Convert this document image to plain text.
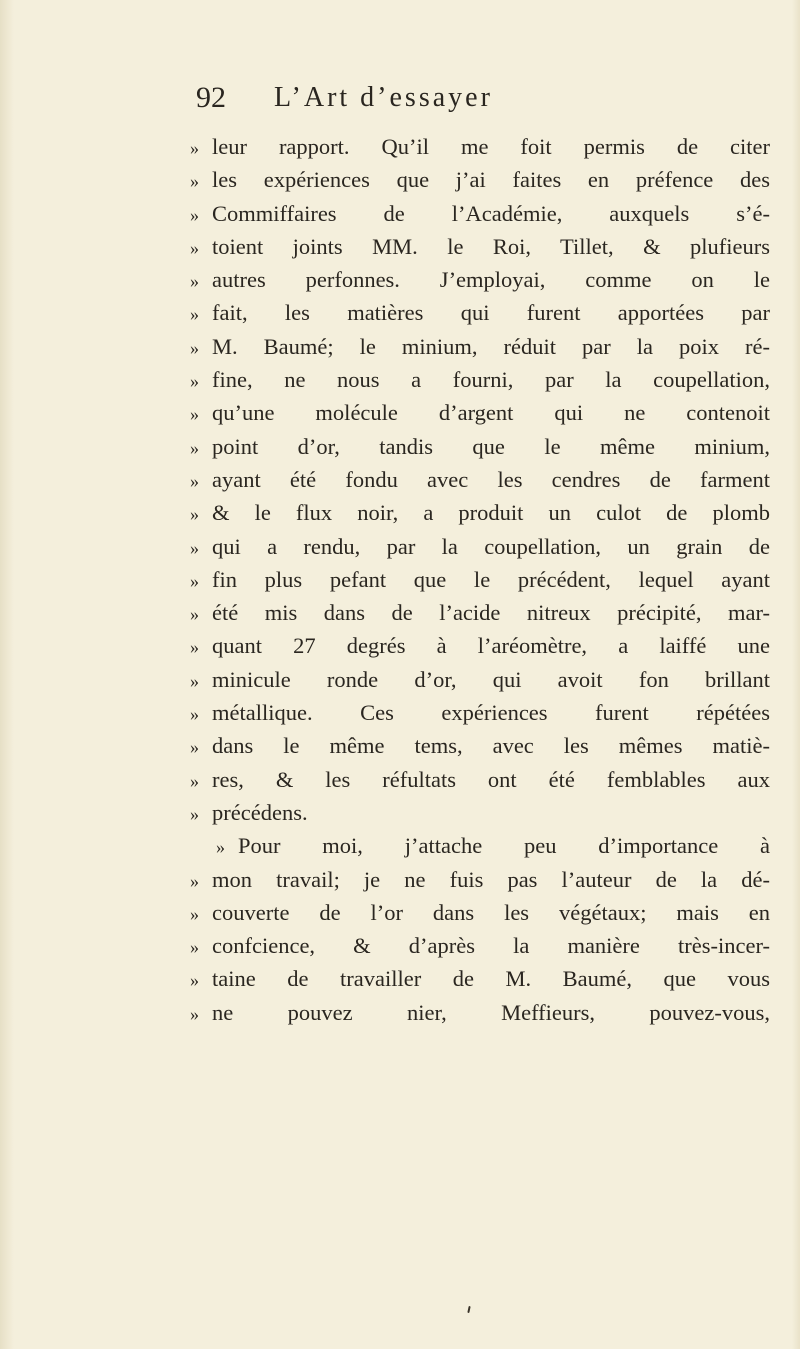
92 L’Art d’essayer
» leur rapport. Qu’il me foit permis de citer
» les expériences que j’ai faites en préfence des
» Commiffaires de l’Académie, auxquels s’é-
» toient joints MM. le Roi, Tillet, & plufieurs
» autres perfonnes. J’employai, comme on le
» fait, les matières qui furent apportées par
» M. Baumé; le minium, réduit par la poix ré-
» fine, ne nous a fourni, par la coupellation,
» qu’une molécule d’argent qui ne contenoit
» point d’or, tandis que le même minium,
» ayant été fondu avec les cendres de farment
» & le flux noir, a produit un culot de plomb
» qui a rendu, par la coupellation, un grain de
» fin plus pefant que le précédent, lequel ayant
» été mis dans de l’acide nitreux précipité, mar-
» quant 27 degrés à l’aréomètre, a laiffé une
» minicule ronde d’or, qui avoit fon brillant
» métallique. Ces expériences furent répétées
» dans le même tems, avec les mêmes matiè-
» res, & les réfultats ont été femblables aux
» précédens.
» Pour moi, j’attache peu d’importance à
» mon travail; je ne fuis pas l’auteur de la dé-
» couverte de l’or dans les végétaux; mais en
» confcience, & d’après la manière très-incer-
» taine de travailler de M. Baumé, que vous
» ne pouvez nier, Meffieurs, pouvez-vous,
